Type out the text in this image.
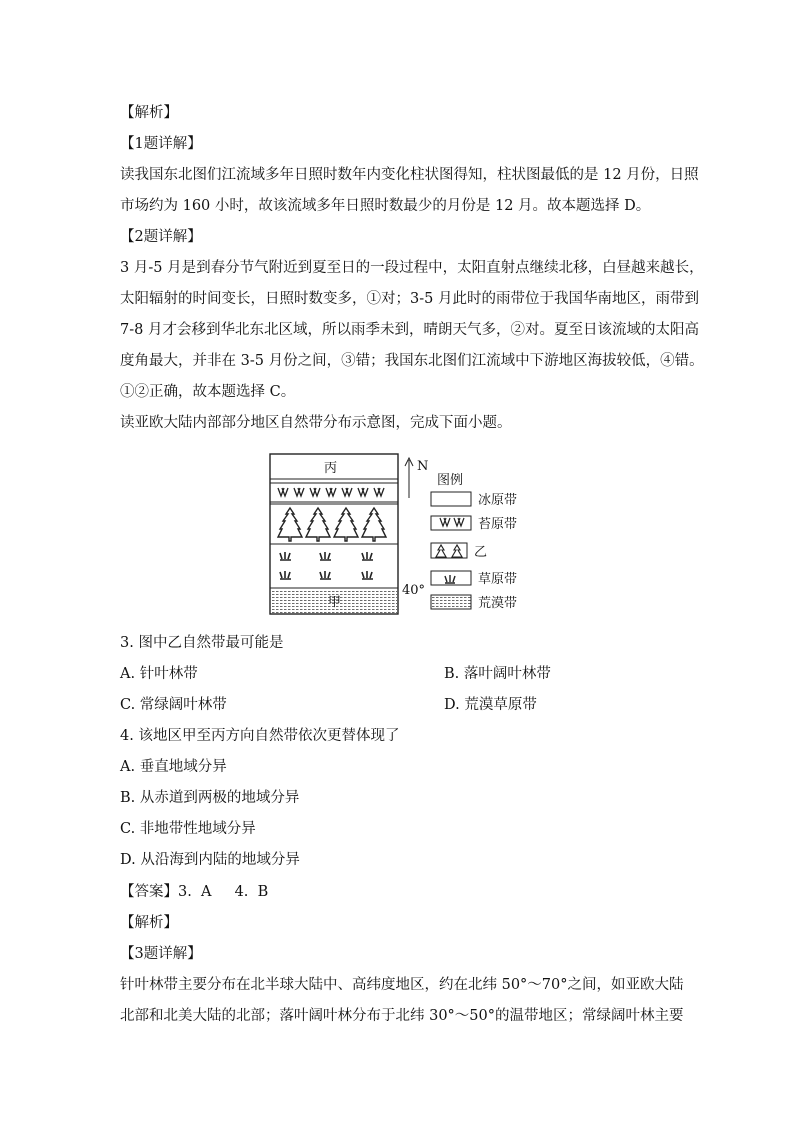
【解析】
【1题详解】
读我国东北图们江流域多年日照时数年内变化柱状图得知，柱状图最低的是 12 月份，日照
市场约为 160 小时，故该流域多年日照时数最少的月份是 12 月。故本题选择 D。
【2题详解】
3 月-5 月是到春分节气附近到夏至日的一段过程中，太阳直射点继续北移，白昼越来越长，
太阳辐射的时间变长，日照时数变多，①对；3-5 月此时的雨带位于我国华南地区，雨带到
7-8 月才会移到华北东北区域，所以雨季未到，晴朗天气多，②对。夏至日该流域的太阳高
度角最大，并非在 3-5 月份之间，③错；我国东北图们江流域中下游地区海拔较低，④错。
①②正确，故本题选择 C。
读亚欧大陆内部部分地区自然带分布示意图，完成下面小题。
丙
甲
N
40°
图例
冰原带
苔原带
乙
草原带
荒漠带
3. 图中乙自然带最可能是
A. 针叶林带	B. 落叶阔叶林带
C. 常绿阔叶林带	D. 荒漠草原带
4. 该地区甲至丙方向自然带依次更替体现了
A. 垂直地域分异
B. 从赤道到两极的地域分异
C. 非地带性地域分异
D. 从沿海到内陆的地域分异
【答案】3.  A     4.  B
【解析】
【3题详解】
针叶林带主要分布在北半球大陆中、高纬度地区，约在北纬 50°～70°之间，如亚欧大陆
北部和北美大陆的北部；落叶阔叶林分布于北纬 30°～50°的温带地区；常绿阔叶林主要
